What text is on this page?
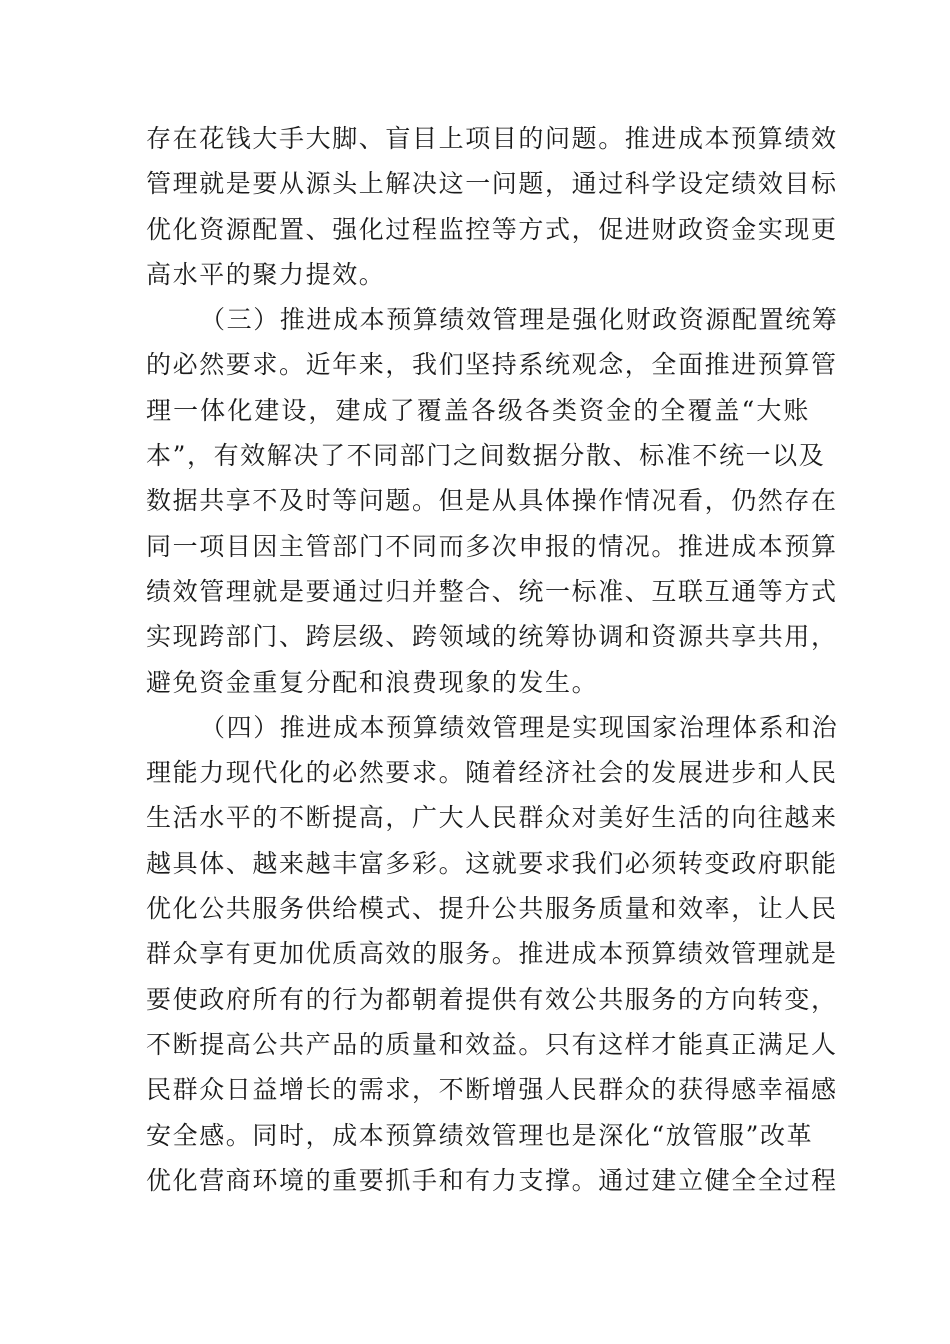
存在花钱大手大脚、盲目上项目的问题。推进成本预算绩效
管理就是要从源头上解决这一问题，通过科学设定绩效目标
优化资源配置、强化过程监控等方式，促进财政资金实现更
高水平的聚力提效。
（三）推进成本预算绩效管理是强化财政资源配置统筹
的必然要求。近年来，我们坚持系统观念，全面推进预算管
理一体化建设，建成了覆盖各级各类资金的全覆盖“大账
本”，有效解决了不同部门之间数据分散、标准不统一以及
数据共享不及时等问题。但是从具体操作情况看，仍然存在
同一项目因主管部门不同而多次申报的情况。推进成本预算
绩效管理就是要通过归并整合、统一标准、互联互通等方式
实现跨部门、跨层级、跨领域的统筹协调和资源共享共用，
避免资金重复分配和浪费现象的发生。
（四）推进成本预算绩效管理是实现国家治理体系和治
理能力现代化的必然要求。随着经济社会的发展进步和人民
生活水平的不断提高，广大人民群众对美好生活的向往越来
越具体、越来越丰富多彩。这就要求我们必须转变政府职能
优化公共服务供给模式、提升公共服务质量和效率，让人民
群众享有更加优质高效的服务。推进成本预算绩效管理就是
要使政府所有的行为都朝着提供有效公共服务的方向转变，
不断提高公共产品的质量和效益。只有这样才能真正满足人
民群众日益增长的需求，不断增强人民群众的获得感幸福感
安全感。同时，成本预算绩效管理也是深化“放管服”改革
优化营商环境的重要抓手和有力支撑。通过建立健全全过程
